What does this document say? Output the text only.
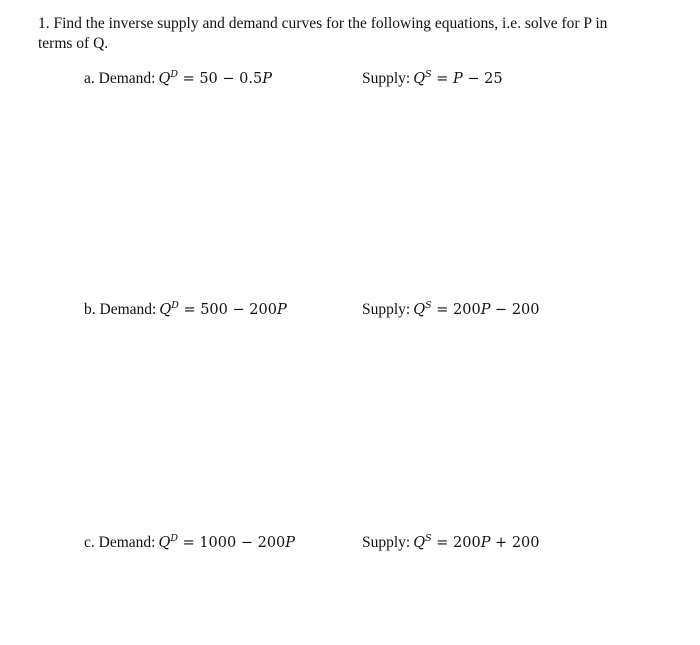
1. Find the inverse supply and demand curves for the following equations, i.e. solve for P in terms of Q.
a. Demand: $Q^D = 50 - 0.5P$	Supply: $Q^S = P - 25$
b. Demand: $Q^D = 500 - 200P$	Supply: $Q^S = 200P - 200$
c. Demand: $Q^D = 1000 - 200P$	Supply: $Q^S = 200P + 200$
